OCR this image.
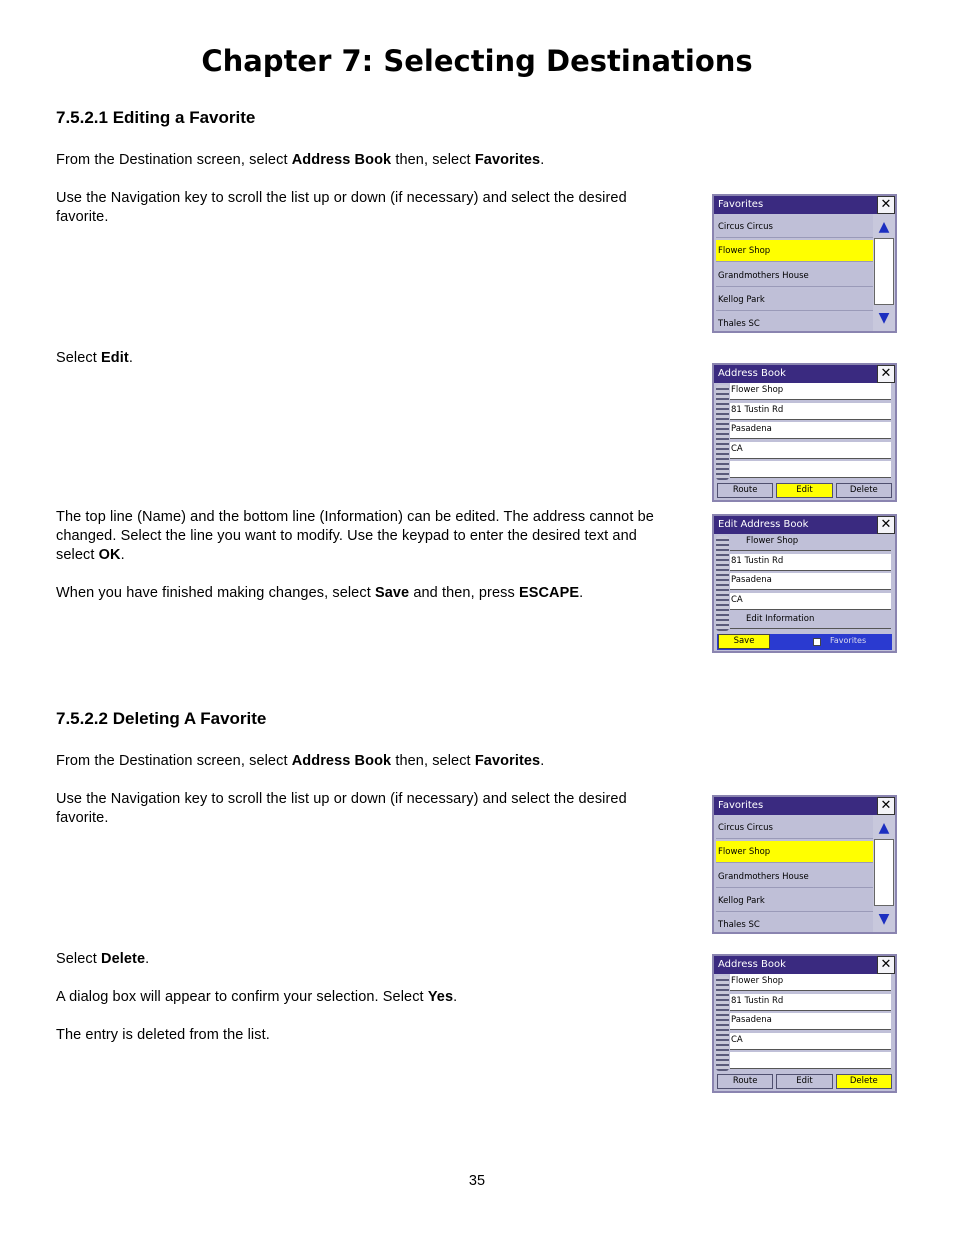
Chapter 7: Selecting Destinations
7.5.2.1 Editing a Favorite

From the Destination screen, select Address Book then, select Favorites.

Use the Navigation key to scroll the list up or down (if necessary) and select the desired favorite.

Select Edit.

The top line (Name) and the bottom line (Information) can be edited. The address cannot be changed. Select the line you want to modify. Use the keypad to enter the desired text and select OK.

When you have finished making changes, select Save and then, press ESCAPE.

7.5.2.2 Deleting A Favorite

From the Destination screen, select Address Book then, select Favorites.

Use the Navigation key to scroll the list up or down (if necessary) and select the desired favorite.

Select Delete.

A dialog box will appear to confirm your selection. Select Yes.

The entry is deleted from the list.

Favorites	✕
Circus Circus
Flower Shop
Grandmothers House
Kellog Park
Thales SC
▲
▼
Address Book	✕
Flower Shop
81 Tustin Rd
Pasadena
CA
Route	Edit	Delete
Edit Address Book	✕
Flower Shop
81 Tustin Rd
Pasadena
CA
Edit Information
Save	Favorites
Favorites	✕
Circus Circus
Flower Shop
Grandmothers House
Kellog Park
Thales SC
▲
▼
Address Book	✕
Flower Shop
81 Tustin Rd
Pasadena
CA
Route	Edit	Delete
35
